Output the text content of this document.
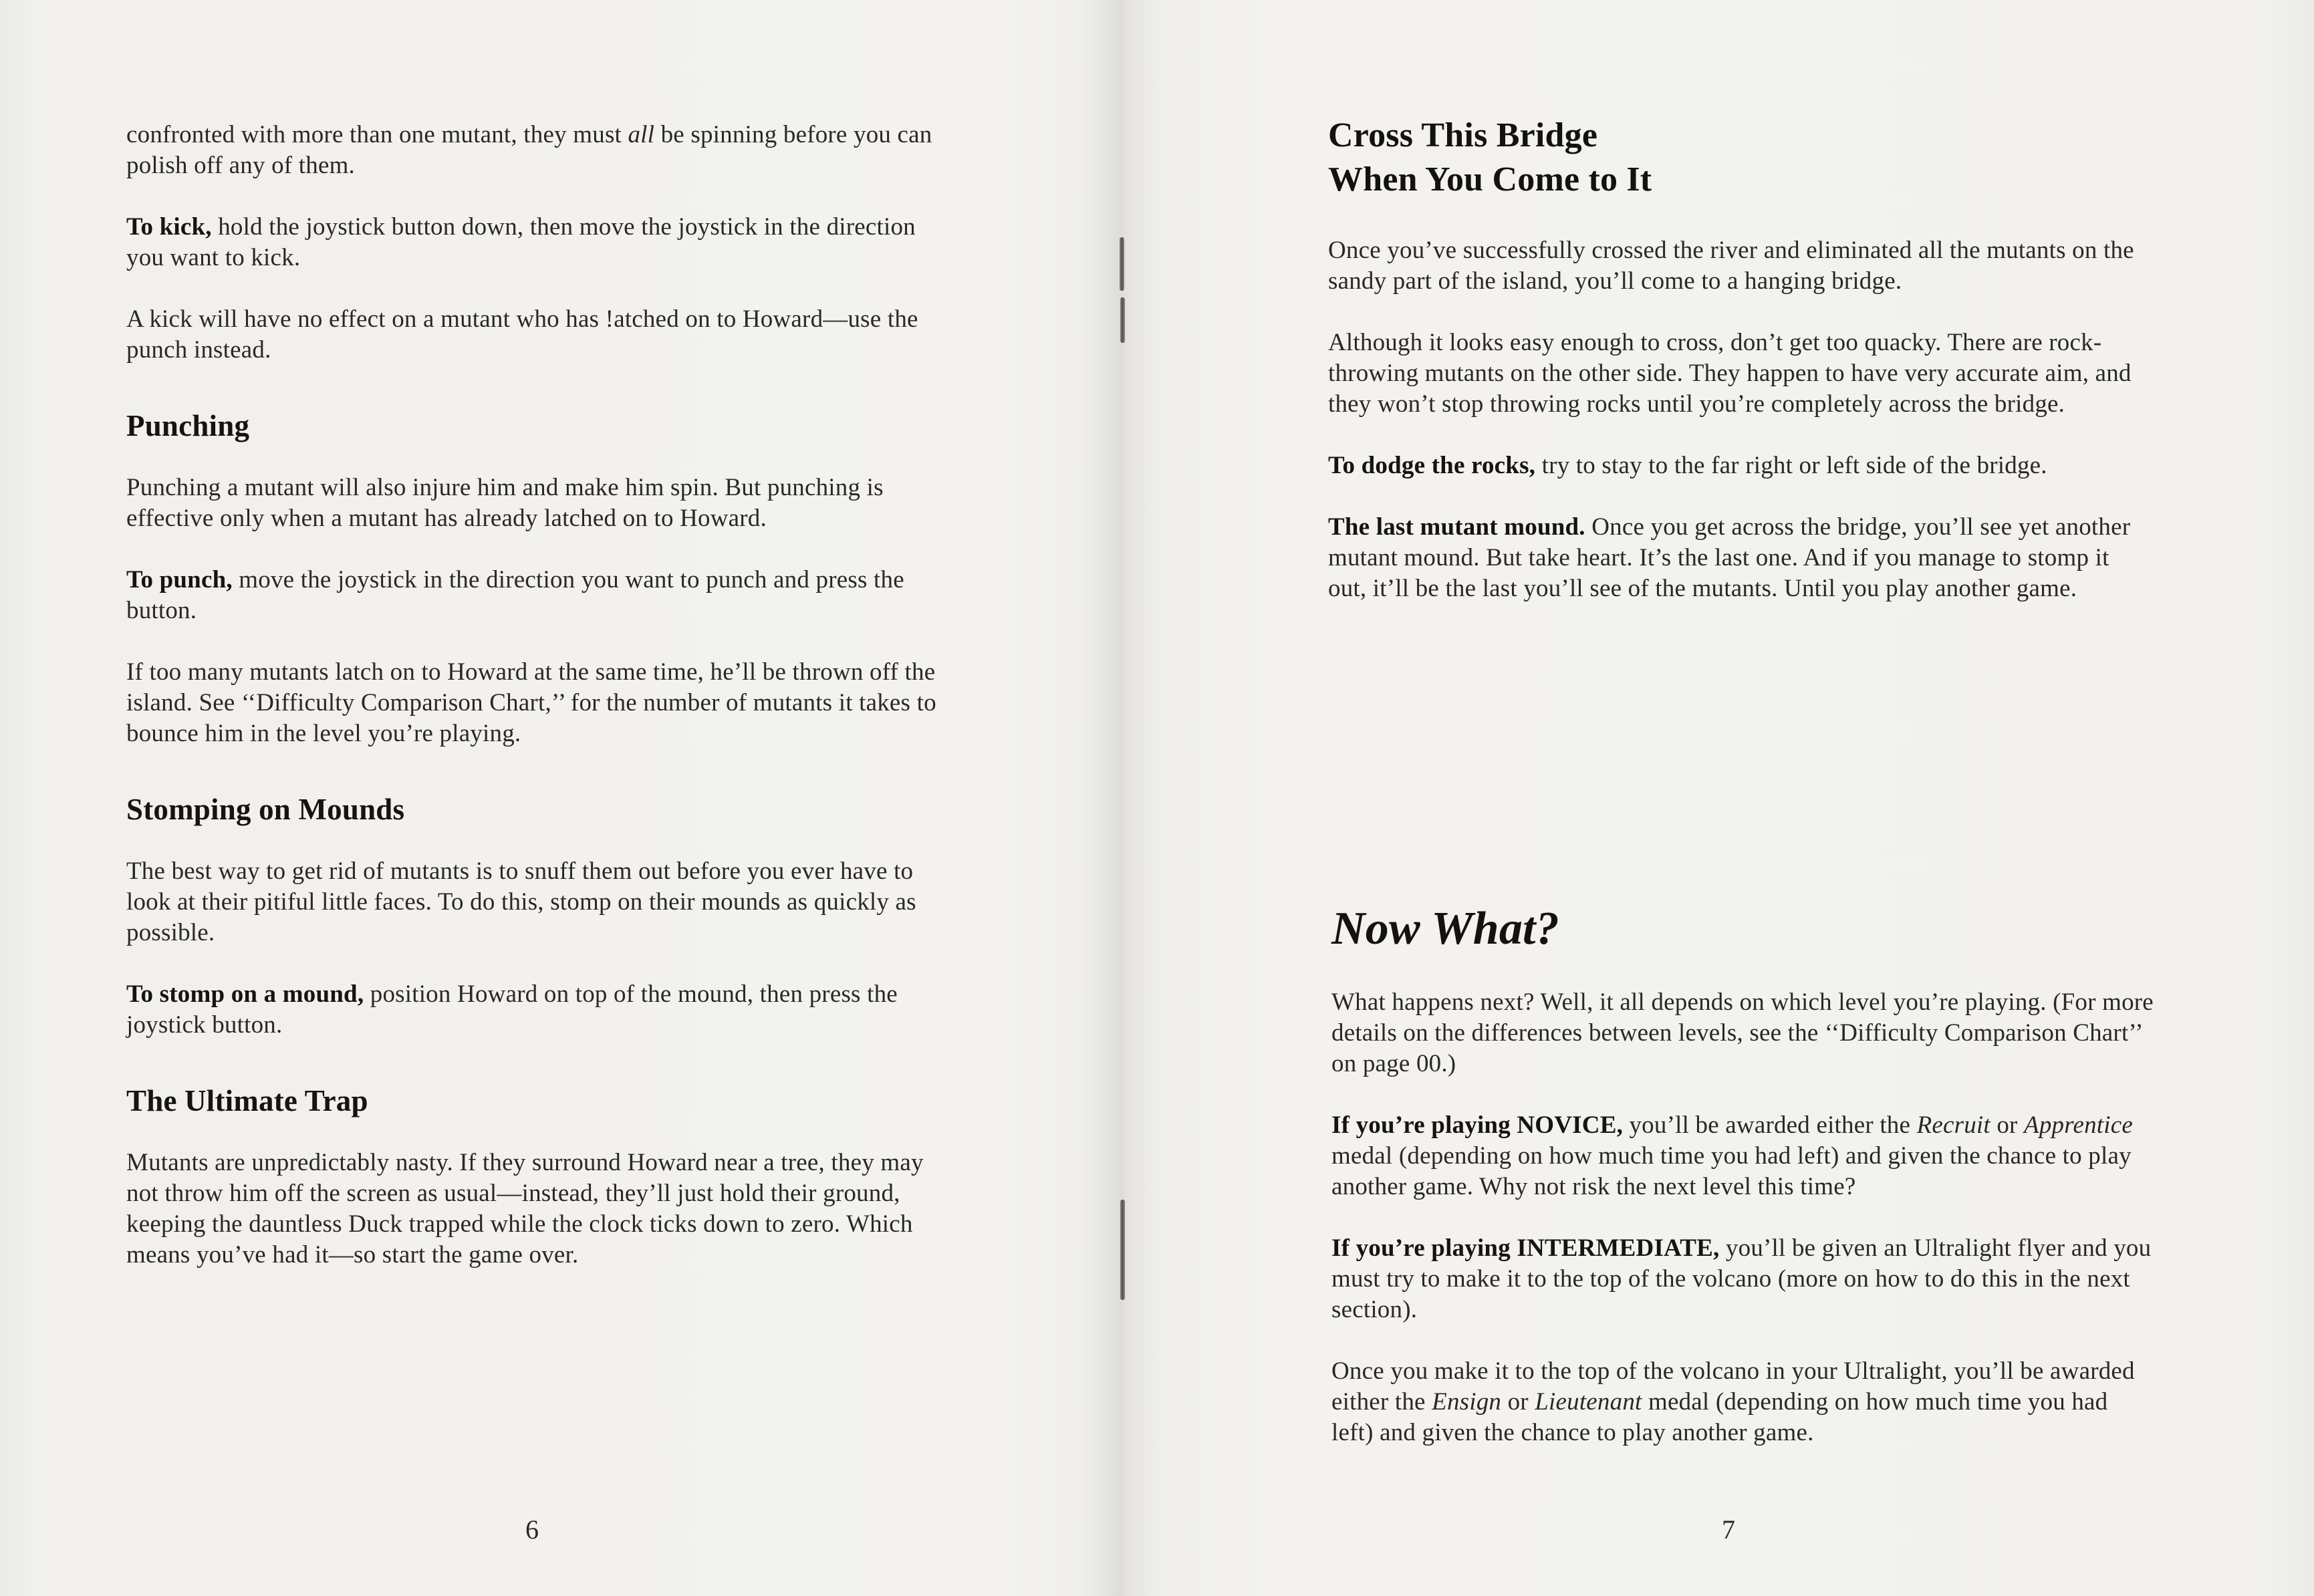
confronted with more than one mutant, they must all be spinning before you can polish off any of them.

To kick, hold the joystick button down, then move the joystick in the direction you want to kick.

A kick will have no effect on a mutant who has !atched on to Howard—use the punch instead.

Punching

Punching a mutant will also injure him and make him spin. But punching is effective only when a mutant has already latched on to Howard.

To punch, move the joystick in the direction you want to punch and press the button.

If too many mutants latch on to Howard at the same time, he’ll be thrown off the island. See ‘‘Difficulty Comparison Chart,’’ for the number of mutants it takes to bounce him in the level you’re playing.

Stomping on Mounds

The best way to get rid of mutants is to snuff them out before you ever have to look at their pitiful little faces. To do this, stomp on their mounds as quickly as possible.

To stomp on a mound, position Howard on top of the mound, then press the joystick button.

The Ultimate Trap

Mutants are unpredictably nasty. If they surround Howard near a tree, they may not throw him off the screen as usual—instead, they’ll just hold their ground, keeping the dauntless Duck trapped while the clock ticks down to zero. Which means you’ve had it—so start the game over.

6
Cross This Bridge
When You Come to It

Once you’ve successfully crossed the river and eliminated all the mutants on the sandy part of the island, you’ll come to a hanging bridge.

Although it looks easy enough to cross, don’t get too quacky. There are rock-throwing mutants on the other side. They happen to have very accurate aim, and they won’t stop throwing rocks until you’re completely across the bridge.

To dodge the rocks, try to stay to the far right or left side of the bridge.

The last mutant mound. Once you get across the bridge, you’ll see yet another mutant mound. But take heart. It’s the last one. And if you manage to stomp it out, it’ll be the last you’ll see of the mutants. Until you play another game.

Now What?

What happens next? Well, it all depends on which level you’re playing. (For more details on the differences between levels, see the ‘‘Difficulty Comparison Chart’’ on page 00.)

If you’re playing NOVICE, you’ll be awarded either the Recruit or Apprentice medal (depending on how much time you had left) and given the chance to play another game. Why not risk the next level this time?

If you’re playing INTERMEDIATE, you’ll be given an Ultralight flyer and you must try to make it to the top of the volcano (more on how to do this in the next section).

Once you make it to the top of the volcano in your Ultralight, you’ll be awarded either the Ensign or Lieutenant medal (depending on how much time you had left) and given the chance to play another game.

7
